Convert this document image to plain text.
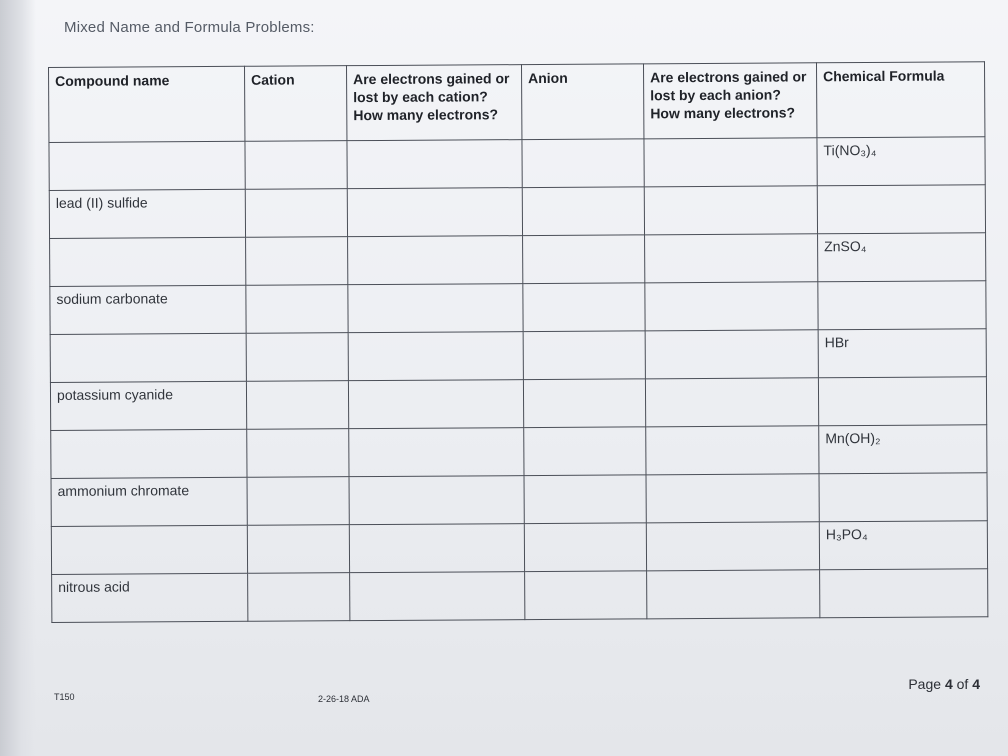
Mixed Name and Formula Problems:
Compound name	Cation	Are electrons gained or lost by each cation? How many electrons?	Anion	Are electrons gained or lost by each anion? How many electrons?	Chemical Formula
					Ti(NO₃)₄
lead (II) sulfide					
					ZnSO₄
sodium carbonate					
					HBr
potassium cyanide					
					Mn(OH)₂
ammonium chromate					
					H₃PO₄
nitrous acid					
T150	2-26-18 ADA
Page 4 of 4
